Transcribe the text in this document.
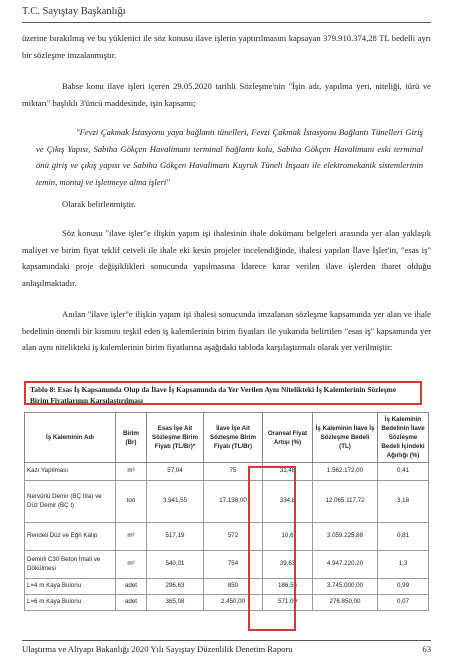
T.C. Sayıştay Başkanlığı

üzerine bırakılmış ve bu yüklenici ile söz konusu ilave işlerin yaptırılmasını kapsayan 379.910.374,28 TL bedelli ayrı bir sözleşme imzalanmıştır.

Bahse konu ilave işleri içeren 29.05.2020 tarihli Sözleşme'nin "İşin adı, yapılma yeri, niteliği, türü ve miktarı" başlıklı 3'üncü maddesinde, işin kapsamı;

"Fevzi Çakmak İstasyonu yaya bağlantı tünelleri, Fevzi Çakmak İstasyonu Bağlantı Tünelleri Giriş ve Çıkış Yapısı, Sabiha Gökçen Havalimanı terminal bağlantı kolu, Sabiha Gökçen Havalimanı eski terminal önü giriş ve çıkış yapısı ve Sabiha Gökçen Havalimanı Kuyruk Tüneli İnşaatı ile elektromekanik sistemlerinin temin, montaj ve işletmeye alma işleri"

Olarak belirlenmiştir.

Söz konusu "ilave işler"e ilişkin yapım işi ihalesinin ihale dokümanı belgeleri arasında yer alan yaklaşık maliyet ve birim fiyat teklif cetveli ile ihale eki kesin projeler incelendiğinde, ihalesi yapılan İlave İşler'in, "esas iş" kapsamındaki proje değişiklikleri sonucunda yapılmasına İdarece karar verilen ilave işlerden ibaret olduğu anlaşılmaktadır.

Anılan "ilave işler"e ilişkin yapım işi ihalesi sonucunda imzalanan sözleşme kapsamında yer alan ve ihale bedelinin önemli bir kısmını teşkil eden iş kalemlerinin birim fiyatları ile yukarıda belirtilen "esas iş" kapsamında yer alan aynı nitelikteki iş kalemlerinin birim fiyatlarına aşağıdaki tabloda karşılaştırmalı olarak yer verilmiştir:

Tablo 8: Esas İş Kapsamında Olup da İlave İş Kapsamında da Yer Verilen Aynı Nitelikteki İş Kalemlerinin Sözleşme Birim Fiyatlarının Karşılaştırılması
İş Kaleminin Adı	Birim (Br)	Esas İşe Ait Sözleşme Birim Fiyatı (TL/Br)*	İlave İşe Ait Sözleşme Birim Fiyatı (TL/Br)	Oransal Fiyat Artışı (%)	İş Kaleminin İlave İş Sözleşme Bedeli (TL)	İş Kaleminin Bedelinin İlave Sözleşme Bedeli İçindeki Ağırlığı (%)
Kazı Yapılması	m³	57,04	75	31,48	1.562.172,00	0,41
Nervürlü Demir (BÇ IIIa) ve Düz Demir (BÇ I)	ton	3.941,55	17.138,00	334,8	12.065.117,72	3,18
Rendeli Düz ve Eğri Kalıp	m²	517,19	572	10,6	3.059.225,88	0,81
Demirli C30 Beton İmali ve Dökülmesi	m³	540,01	754	39,63	4.947.220,20	1,3
L=4 m Kaya Bulonu	adet	296,63	850	186,56	3.745.000,00	0,99
L=6 m Kaya Bulonu	adet	365,08	2.450,00	571,09	276.850,00	0,07
Ulaştırma ve Altyapı Bakanlığı 2020 Yılı Sayıştay Düzenlilik Denetim Raporu	63
